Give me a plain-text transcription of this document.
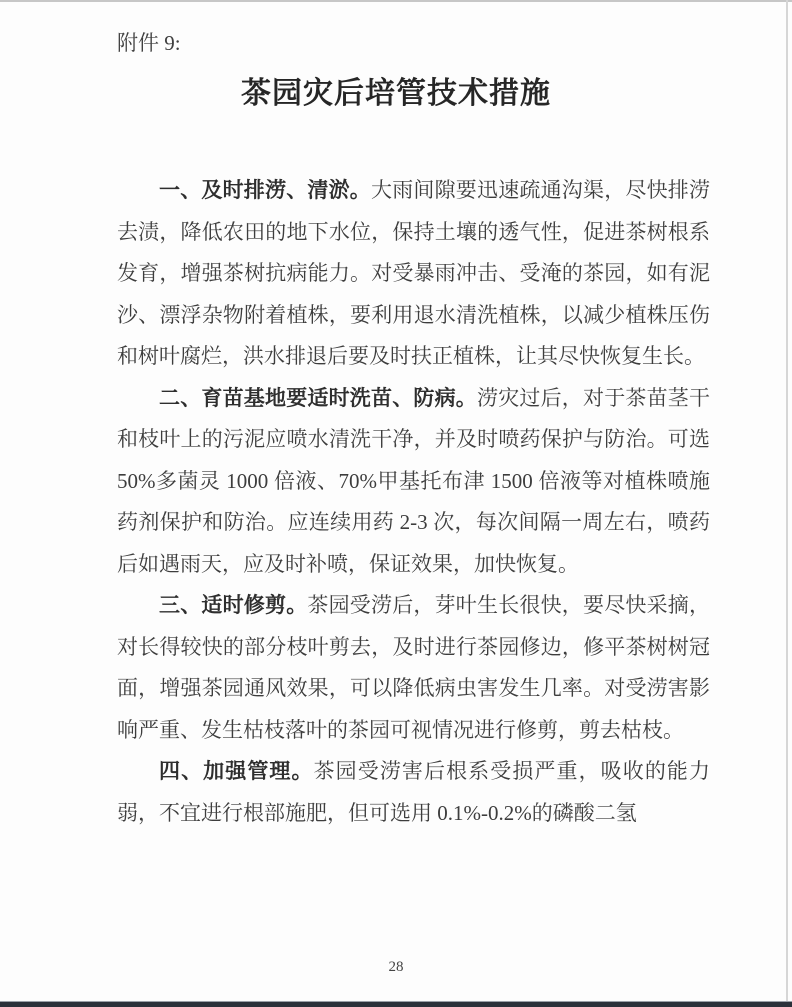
附件 9:
茶园灾后培管技术措施

一、及时排涝、清淤。大雨间隙要迅速疏通沟渠，尽快排涝去渍，降低农田的地下水位，保持土壤的透气性，促进茶树根系发育，增强茶树抗病能力。对受暴雨冲击、受淹的茶园，如有泥沙、漂浮杂物附着植株，要利用退水清洗植株，以减少植株压伤和树叶腐烂，洪水排退后要及时扶正植株，让其尽快恢复生长。

二、育苗基地要适时洗苗、防病。涝灾过后，对于茶苗茎干和枝叶上的污泥应喷水清洗干净，并及时喷药保护与防治。可选 50%多菌灵 1000 倍液、70%甲基托布津 1500 倍液等对植株喷施药剂保护和防治。应连续用药 2-3 次，每次间隔一周左右，喷药后如遇雨天，应及时补喷，保证效果，加快恢复。

三、适时修剪。茶园受涝后，芽叶生长很快，要尽快采摘，对长得较快的部分枝叶剪去，及时进行茶园修边，修平茶树树冠面，增强茶园通风效果，可以降低病虫害发生几率。对受涝害影响严重、发生枯枝落叶的茶园可视情况进行修剪，剪去枯枝。

四、加强管理。茶园受涝害后根系受损严重，吸收的能力弱，不宜进行根部施肥，但可选用 0.1%-0.2%的磷酸二氢

28
